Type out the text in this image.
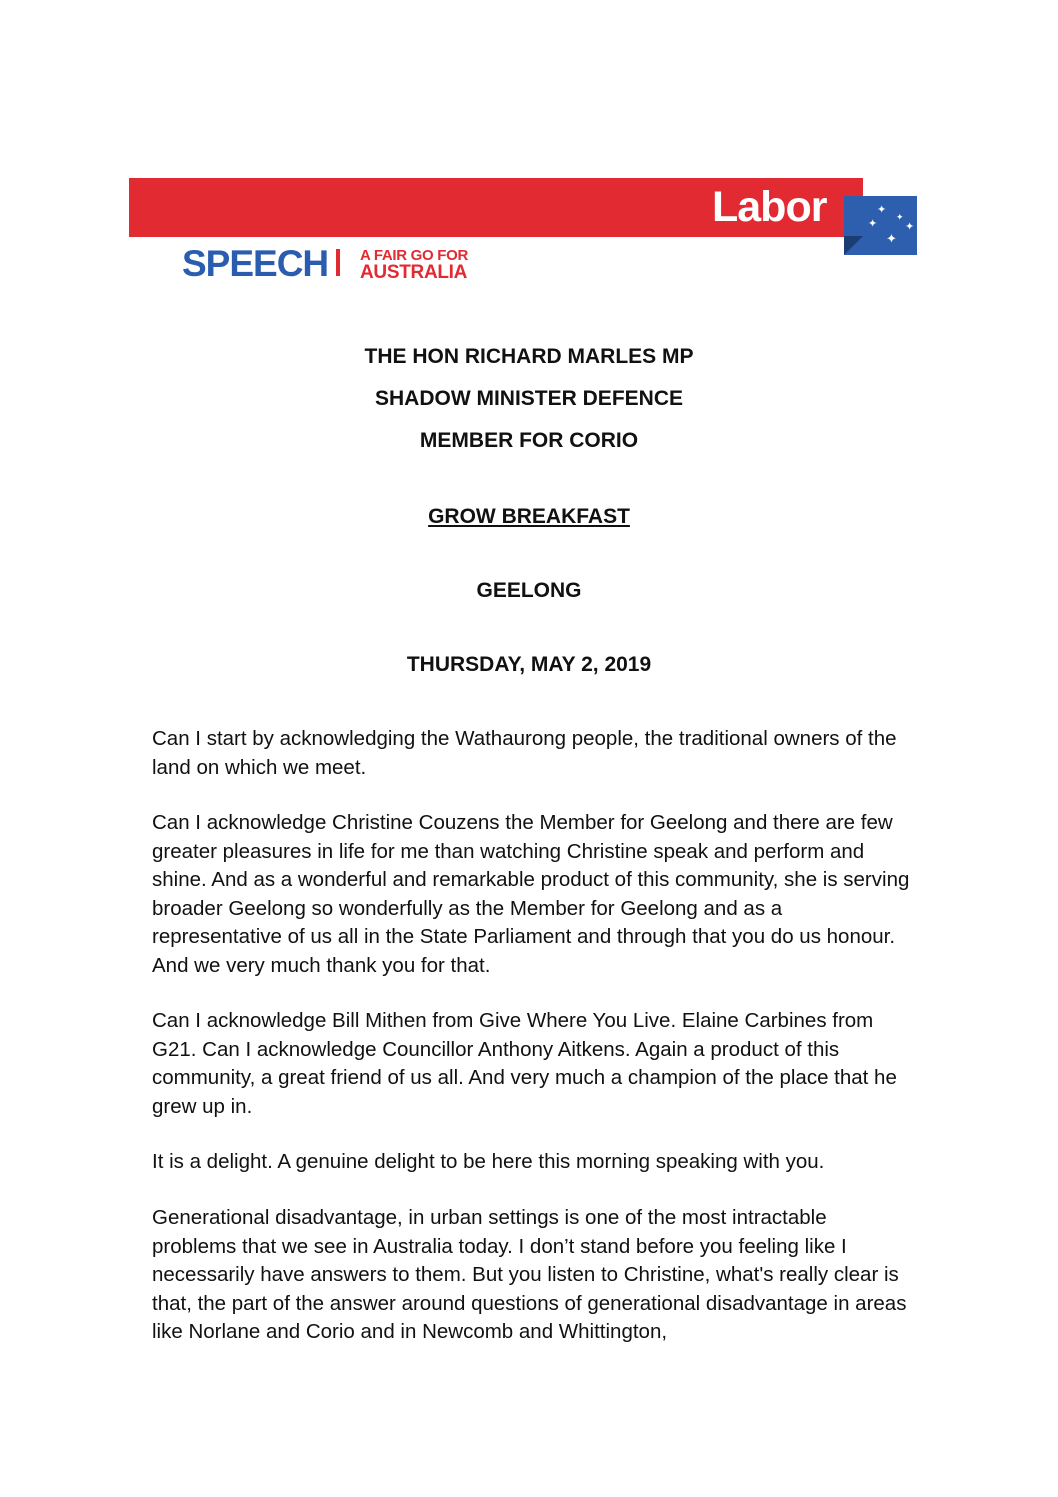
Labor	✦
✦
✦	✦
✦
SPEECH A FAIR GO FOR
AUSTRALIA
THE HON RICHARD MARLES MP
SHADOW MINISTER DEFENCE
MEMBER FOR CORIO
GROW BREAKFAST
GEELONG
THURSDAY, MAY 2, 2019

Can I start by acknowledging the Wathaurong people, the traditional owners of the land on which we meet.

Can I acknowledge Christine Couzens the Member for Geelong and there are few greater pleasures in life for me than watching Christine speak and perform and shine. And as a wonderful and remarkable product of this community, she is serving broader Geelong so wonderfully as the Member for Geelong and as a representative of us all in the State Parliament and through that you do us honour. And we very much thank you for that.

Can I acknowledge Bill Mithen from Give Where You Live. Elaine Carbines from G21. Can I acknowledge Councillor Anthony Aitkens. Again a product of this community, a great friend of us all. And very much a champion of the place that he grew up in.

It is a delight. A genuine delight to be here this morning speaking with you.

Generational disadvantage, in urban settings is one of the most intractable problems that we see in Australia today. I don’t stand before you feeling like I necessarily have answers to them. But you listen to Christine, what's really clear is that, the part of the answer around questions of generational disadvantage in areas like Norlane and Corio and in Newcomb and Whittington,
